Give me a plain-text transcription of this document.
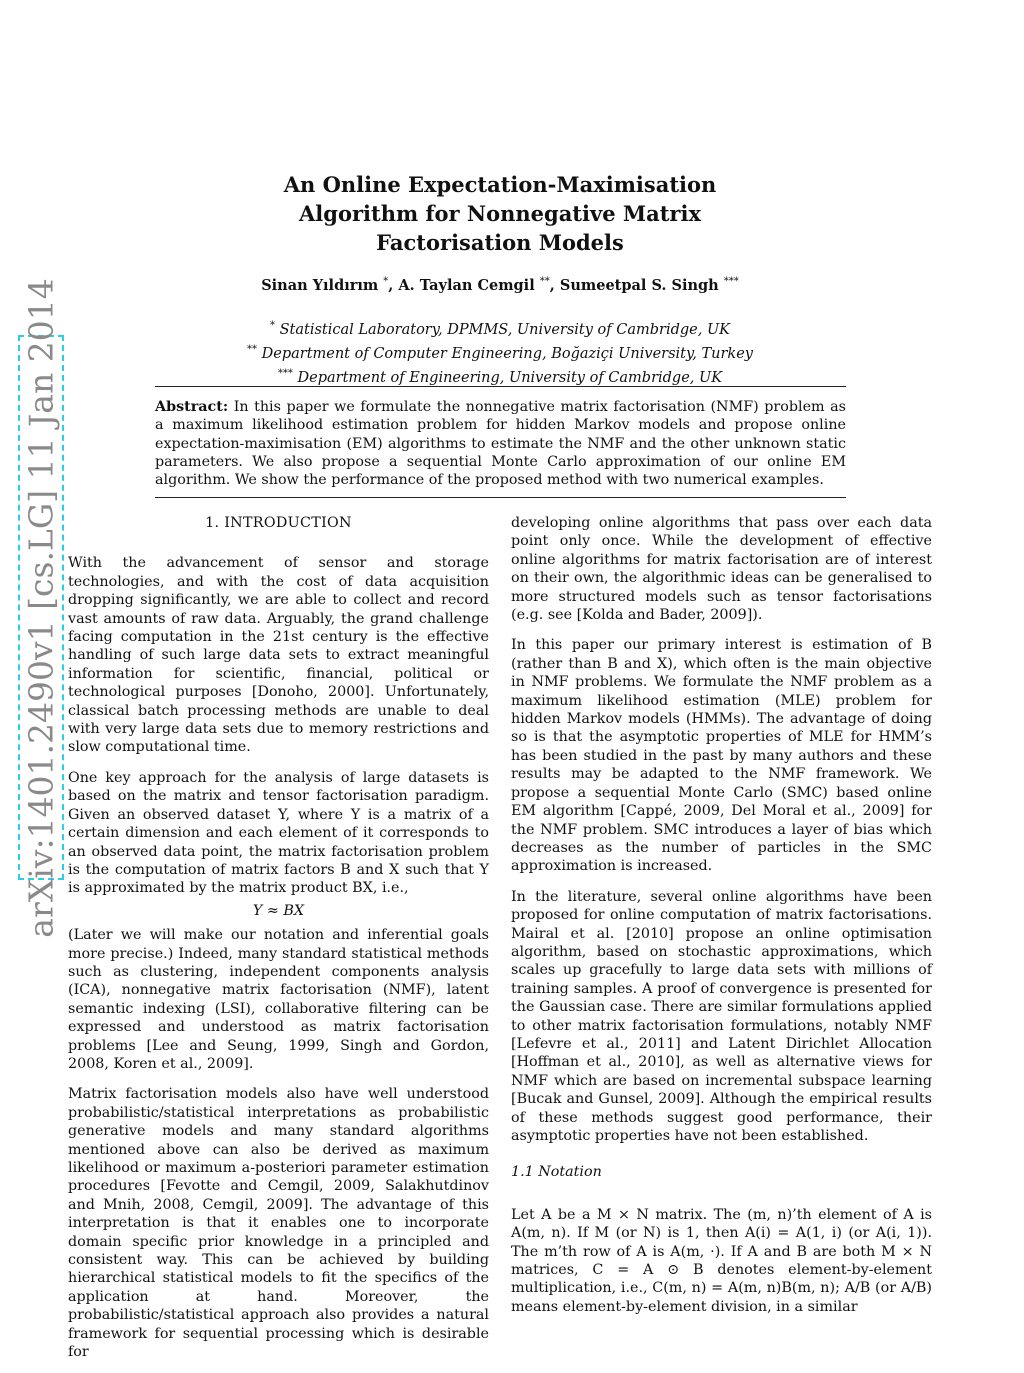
arXiv:1401.2490v1 [cs.LG] 11 Jan 2014
An Online Expectation-Maximisation
Algorithm for Nonnegative Matrix
Factorisation Models
Sinan Yıldırım *, A. Taylan Cemgil **, Sumeetpal S. Singh ***
* Statistical Laboratory, DPMMS, University of Cambridge, UK
** Department of Computer Engineering, Boğaziçi University, Turkey
*** Department of Engineering, University of Cambridge, UK
Abstract: In this paper we formulate the nonnegative matrix factorisation (NMF) problem as a maximum likelihood estimation problem for hidden Markov models and propose online expectation-maximisation (EM) algorithms to estimate the NMF and the other unknown static parameters. We also propose a sequential Monte Carlo approximation of our online EM algorithm. We show the performance of the proposed method with two numerical examples.
1. INTRODUCTION

With the advancement of sensor and storage technologies, and with the cost of data acquisition dropping significantly, we are able to collect and record vast amounts of raw data. Arguably, the grand challenge facing computation in the 21st century is the effective handling of such large data sets to extract meaningful information for scientific, financial, political or technological purposes [Donoho, 2000]. Unfortunately, classical batch processing methods are unable to deal with very large data sets due to memory restrictions and slow computational time.

One key approach for the analysis of large datasets is based on the matrix and tensor factorisation paradigm. Given an observed dataset Y, where Y is a matrix of a certain dimension and each element of it corresponds to an observed data point, the matrix factorisation problem is the computation of matrix factors B and X such that Y is approximated by the matrix product BX, i.e.,

Y ≈ BX

(Later we will make our notation and inferential goals more precise.) Indeed, many standard statistical methods such as clustering, independent components analysis (ICA), nonnegative matrix factorisation (NMF), latent semantic indexing (LSI), collaborative filtering can be expressed and understood as matrix factorisation problems [Lee and Seung, 1999, Singh and Gordon, 2008, Koren et al., 2009].

Matrix factorisation models also have well understood probabilistic/statistical interpretations as probabilistic generative models and many standard algorithms mentioned above can also be derived as maximum likelihood or maximum a-posteriori parameter estimation procedures [Fevotte and Cemgil, 2009, Salakhutdinov and Mnih, 2008, Cemgil, 2009]. The advantage of this interpretation is that it enables one to incorporate domain specific prior knowledge in a principled and consistent way. This can be achieved by building hierarchical statistical models to fit the specifics of the application at hand. Moreover, the probabilistic/statistical approach also provides a natural framework for sequential processing which is desirable for

developing online algorithms that pass over each data point only once. While the development of effective online algorithms for matrix factorisation are of interest on their own, the algorithmic ideas can be generalised to more structured models such as tensor factorisations (e.g. see [Kolda and Bader, 2009]).

In this paper our primary interest is estimation of B (rather than B and X), which often is the main objective in NMF problems. We formulate the NMF problem as a maximum likelihood estimation (MLE) problem for hidden Markov models (HMMs). The advantage of doing so is that the asymptotic properties of MLE for HMM’s has been studied in the past by many authors and these results may be adapted to the NMF framework. We propose a sequential Monte Carlo (SMC) based online EM algorithm [Cappé, 2009, Del Moral et al., 2009] for the NMF problem. SMC introduces a layer of bias which decreases as the number of particles in the SMC approximation is increased.

In the literature, several online algorithms have been proposed for online computation of matrix factorisations. Mairal et al. [2010] propose an online optimisation algorithm, based on stochastic approximations, which scales up gracefully to large data sets with millions of training samples. A proof of convergence is presented for the Gaussian case. There are similar formulations applied to other matrix factorisation formulations, notably NMF [Lefevre et al., 2011] and Latent Dirichlet Allocation [Hoffman et al., 2010], as well as alternative views for NMF which are based on incremental subspace learning [Bucak and Gunsel, 2009]. Although the empirical results of these methods suggest good performance, their asymptotic properties have not been established.

1.1 Notation

Let A be a M × N matrix. The (m, n)’th element of A is A(m, n). If M (or N) is 1, then A(i) = A(1, i) (or A(i, 1)). The m’th row of A is A(m, ·). If A and B are both M × N matrices, C = A ⊙ B denotes element-by-element multiplication, i.e., C(m, n) = A(m, n)B(m, n); A/B (or A/B) means element-by-element division, in a similar
